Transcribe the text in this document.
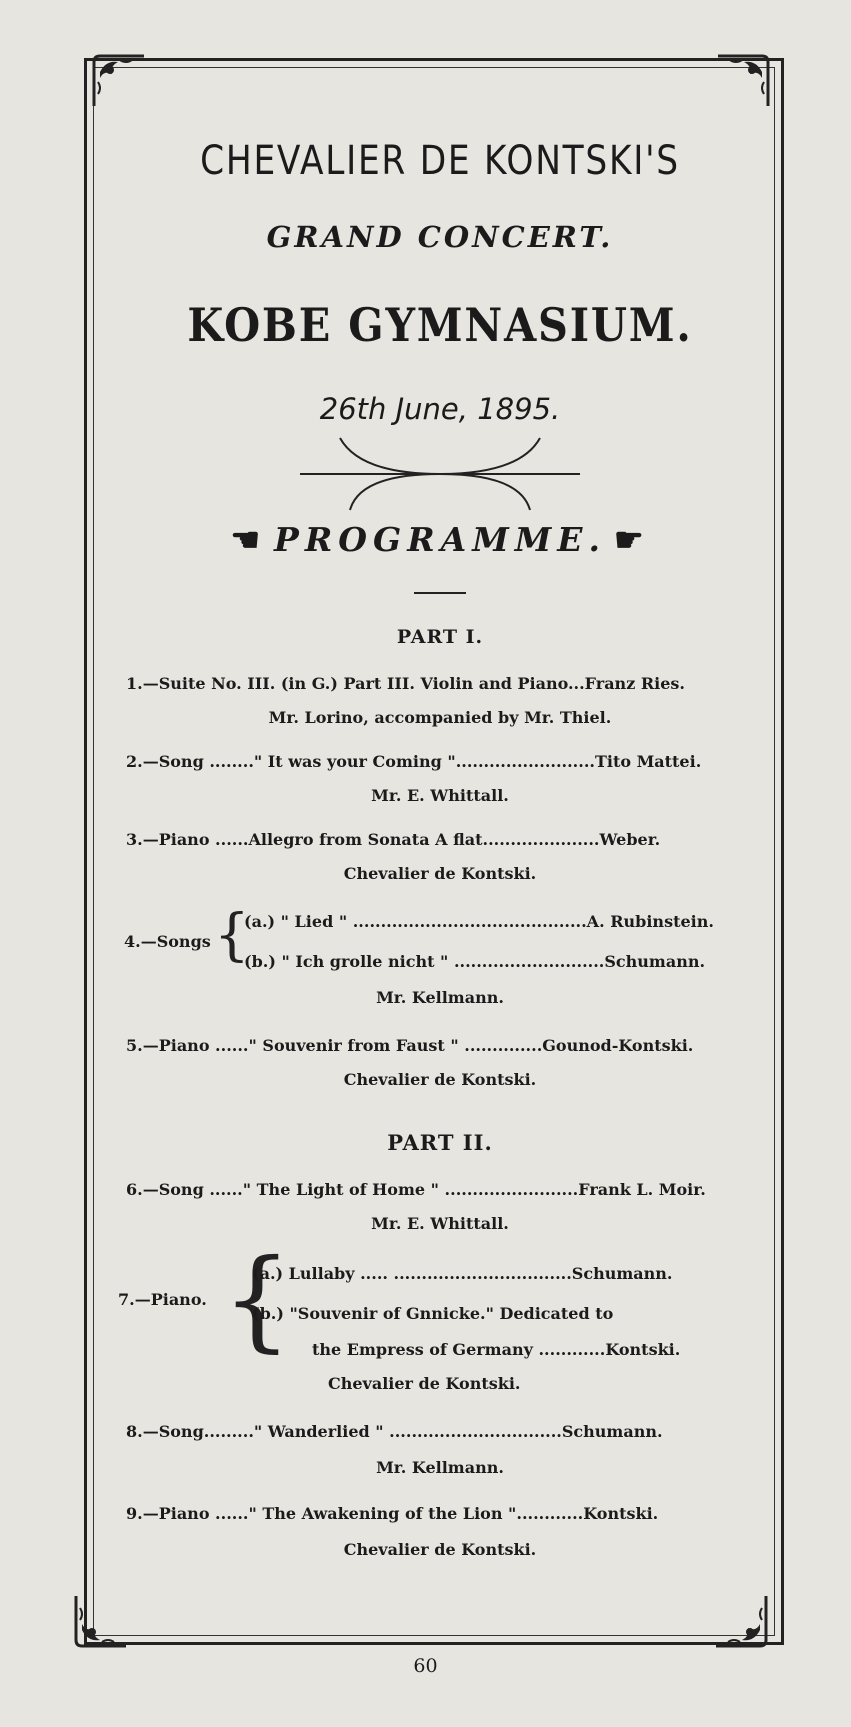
CHEVALIER DE KONTSKI'S
GRAND CONCERT.
KOBE GYMNASIUM.
26th June, 1895.
☚ PROGRAMME. ☛
PART I.
1.—Suite No. III. (in G.) Part III. Violin and Piano...Franz Ries.
Mr. Lorino, accompanied by Mr. Thiel.
2.—Song ........" It was your Coming ".........................Tito Mattei.
Mr. E. Whittall.
3.—Piano ......Allegro from Sonata A flat.....................Weber.
Chevalier de Kontski.
4.—Songs {
(a.) " Lied " ..........................................A. Rubinstein.
(b.) " Ich grolle nicht " ...........................Schumann.
Mr. Kellmann.
5.—Piano ......" Souvenir from Faust " ..............Gounod-Kontski.
Chevalier de Kontski.
PART II.
6.—Song ......" The Light of Home " ........................Frank L. Moir.
Mr. E. Whittall.
7.—Piano. {
(a.) Lullaby ..... ................................Schumann.
(b.) "Souvenir of Gnnicke." Dedicated to
the Empress of Germany ............Kontski.
Chevalier de Kontski.
8.—Song........." Wanderlied " ...............................Schumann.
Mr. Kellmann.
9.—Piano ......" The Awakening of the Lion "............Kontski.
Chevalier de Kontski.
60
